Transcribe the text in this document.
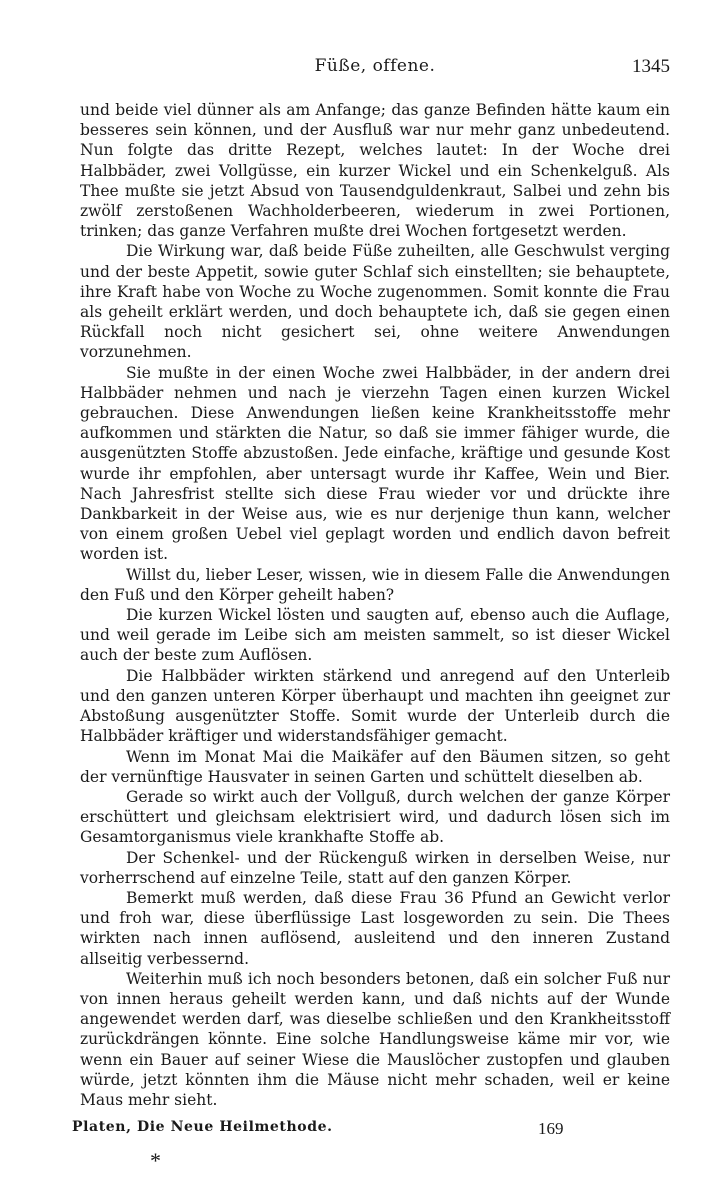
Füße, offene.	1345

und beide viel dünner als am Anfange; das ganze Befinden hätte kaum ein besseres sein können, und der Ausfluß war nur mehr ganz unbedeutend. Nun folgte das dritte Rezept, welches lautet: In der Woche drei Halbbäder, zwei Vollgüsse, ein kurzer Wickel und ein Schenkelguß. Als Thee mußte sie jetzt Absud von Tausendguldenkraut, Salbei und zehn bis zwölf zerstoßenen Wachholderbeeren, wiederum in zwei Portionen, trinken; das ganze Verfahren mußte drei Wochen fortgesetzt werden.

Die Wirkung war, daß beide Füße zuheilten, alle Geschwulst verging und der beste Appetit, sowie guter Schlaf sich einstellten; sie behauptete, ihre Kraft habe von Woche zu Woche zugenommen. Somit konnte die Frau als geheilt erklärt werden, und doch behauptete ich, daß sie gegen einen Rückfall noch nicht gesichert sei, ohne weitere Anwendungen vorzunehmen.

Sie mußte in der einen Woche zwei Halbbäder, in der andern drei Halbbäder nehmen und nach je vierzehn Tagen einen kurzen Wickel gebrauchen. Diese Anwendungen ließen keine Krankheitsstoffe mehr aufkommen und stärkten die Natur, so daß sie immer fähiger wurde, die ausgenützten Stoffe abzustoßen. Jede einfache, kräftige und gesunde Kost wurde ihr empfohlen, aber untersagt wurde ihr Kaffee, Wein und Bier. Nach Jahresfrist stellte sich diese Frau wieder vor und drückte ihre Dankbarkeit in der Weise aus, wie es nur derjenige thun kann, welcher von einem großen Uebel viel geplagt worden und endlich davon befreit worden ist.

Willst du, lieber Leser, wissen, wie in diesem Falle die Anwendungen den Fuß und den Körper geheilt haben?

Die kurzen Wickel lösten und saugten auf, ebenso auch die Auflage, und weil gerade im Leibe sich am meisten sammelt, so ist dieser Wickel auch der beste zum Auflösen.

Die Halbbäder wirkten stärkend und anregend auf den Unterleib und den ganzen unteren Körper überhaupt und machten ihn geeignet zur Abstoßung ausgenützter Stoffe. Somit wurde der Unterleib durch die Halbbäder kräftiger und widerstandsfähiger gemacht.

Wenn im Monat Mai die Maikäfer auf den Bäumen sitzen, so geht der vernünftige Hausvater in seinen Garten und schüttelt dieselben ab.

Gerade so wirkt auch der Vollguß, durch welchen der ganze Körper erschüttert und gleichsam elektrisiert wird, und dadurch lösen sich im Gesamtorganismus viele krankhafte Stoffe ab.

Der Schenkel- und der Rückenguß wirken in derselben Weise, nur vorherrschend auf einzelne Teile, statt auf den ganzen Körper.

Bemerkt muß werden, daß diese Frau 36 Pfund an Gewicht verlor und froh war, diese überflüssige Last losgeworden zu sein. Die Thees wirkten nach innen auflösend, ausleitend und den inneren Zustand allseitig verbessernd.

Weiterhin muß ich noch besonders betonen, daß ein solcher Fuß nur von innen heraus geheilt werden kann, und daß nichts auf der Wunde angewendet werden darf, was dieselbe schließen und den Krankheitsstoff zurückdrängen könnte. Eine solche Handlungsweise käme mir vor, wie wenn ein Bauer auf seiner Wiese die Mauslöcher zustopfen und glauben würde, jetzt könnten ihm die Mäuse nicht mehr schaden, weil er keine Maus mehr sieht.

Platen, Die Neue Heilmethode.	169
*
